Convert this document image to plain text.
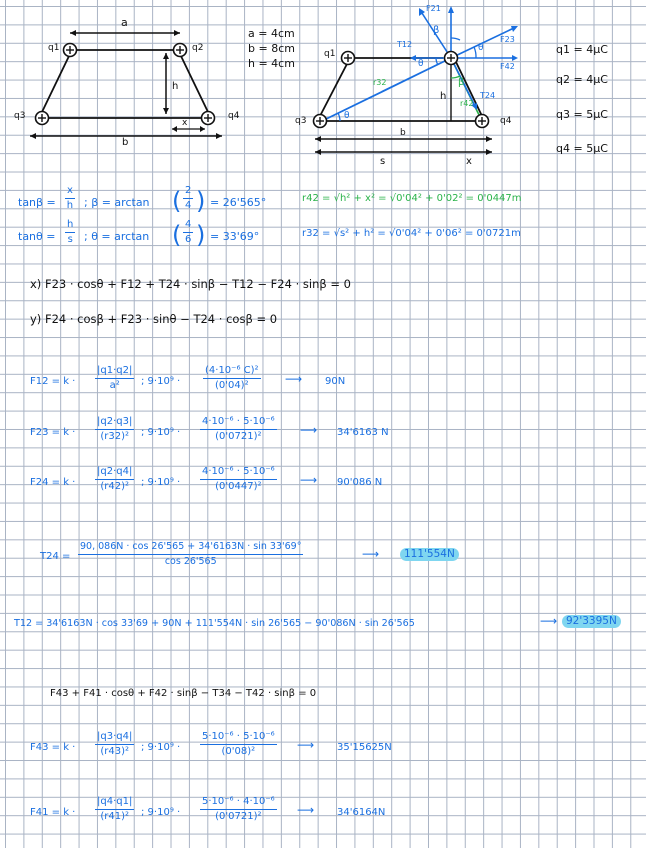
a
q1	q2
h
q3	q4
x
b
a = 4cm
b = 8cm
h = 4cm
q1
q3	q4
T12
F21
F23
F42
T24
r32
r42
θ
θ
θ
β
β
h
b
s	x
q1 = 4μC
q2 = 4μC
q3 = 5μC
q4 = 5μC
$\tan\beta = \frac{x}{h}$ ; β = arctan ( $\frac{2}{4}$ ) = 26'565°
$\tan\theta = \frac{h}{s}$ ; θ = arctan ( $\frac{4}{6}$ ) = 33'69°
r42 = √h² + x² = √0'04² + 0'02² = 0'0447m
r32 = √s² + h² = √0'04² + 0'06² = 0'0721m
x) F23 · cosθ + F12 + T24 · sinβ − T12 − F24 · sinβ = 0
y) F24 · cosβ + F23 · sinθ − T24 · cosβ = 0
$F12 = k \cdot \frac{|q1\cdot q2|}{\text{a²}}$ ; $9\cdot 10^9 \cdot \frac{\text{(4·10⁻⁶ C)²}}{\text{(0'04)²}}$ ⟶ 90N
$F23 = k \cdot \frac{|q2\cdot q3|}{\text{(r32)²}}$ ; $9\cdot 10^9 \cdot \frac{\text{4·10⁻⁶ · 5·10⁻⁶}}{\text{(0'0721)²}}$ ⟶ 34'6163 N
$F24 = k \cdot \frac{|q2\cdot q4|}{\text{(r42)²}}$ ; $9\cdot 10^9 \cdot \frac{\text{4·10⁻⁶ · 5·10⁻⁶}}{\text{(0'0447)²}}$ ⟶ 90'086 N
$T24 = \frac{90, 086N \cdot \cos 26'565 + 34'6163N \cdot \sin 33'69^\circ}{\cos 26'565}$	⟶	111'554N
T12 = 34'6163N · cos 33'69 + 90N + 111'554N · sin 26'565 − 90'086N · sin 26'565	⟶ 92'3395N
F43 + F41 · cosθ + F42 · sinβ − T34 − T42 · sinβ = 0
$F43 = k \cdot \frac{|q3\cdot q4|}{\text{(r43)²}}$ ; $9\cdot 10^9 \cdot \frac{\text{5·10⁻⁶ · 5·10⁻⁶}}{\text{(0'08)²}}$ ⟶ 35'15625N
$F41 = k \cdot \frac{|q4\cdot q1|}{\text{(r41)²}}$ ; $9\cdot 10^9 \cdot \frac{\text{5·10⁻⁶ · 4·10⁻⁶}}{\text{(0'0721)²}}$ ⟶ 34'6164N
